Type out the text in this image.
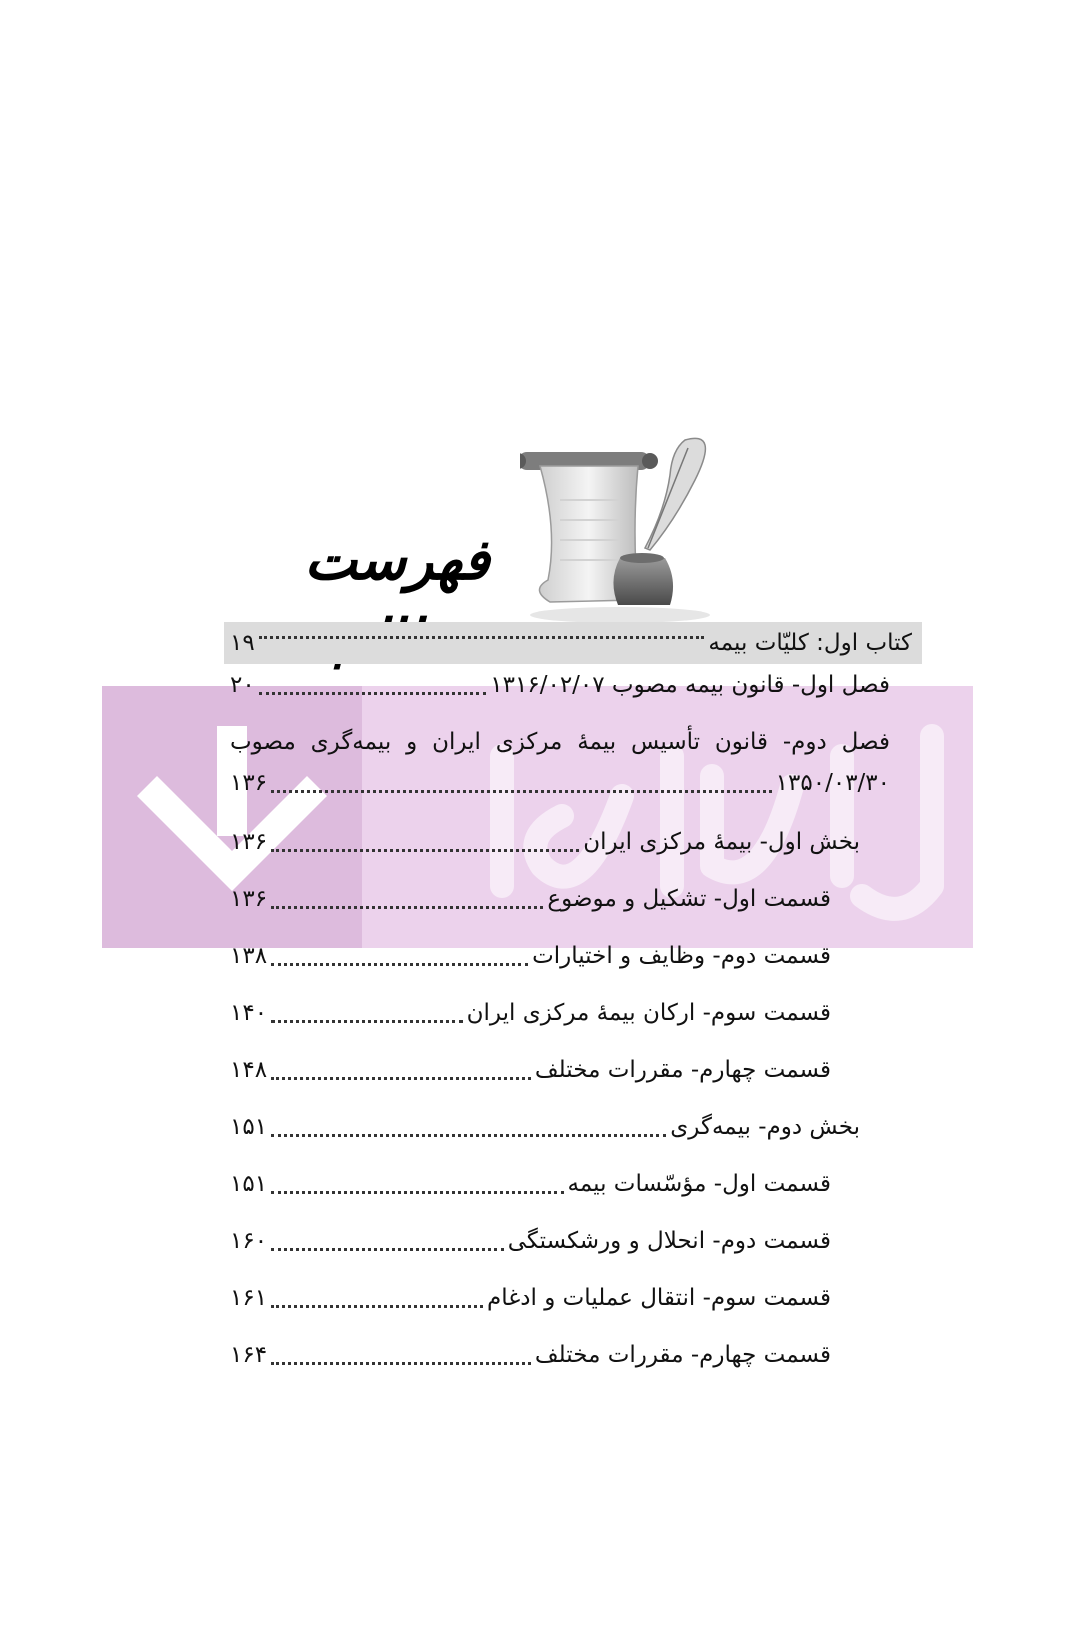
فهرست
کتاب اول: کلیّات بیمه
۱۹
فصل اول- قانون بیمه مصوب ۱۳۱۶/۰۲/۰۷
۲۰
فصل دوم- قانون تأسیس بیمهٔ مرکزی ایران و بیمه‌گری مصوب
۱۳۵۰/۰۳/۳۰
۱۳۶
بخش اول- بیمهٔ مرکزی ایران
۱۳۶
قسمت اول- تشکیل و موضوع
۱۳۶
قسمت دوم- وظایف و اختیارات
۱۳۸
قسمت سوم- ارکان بیمهٔ مرکزی ایران
۱۴۰
قسمت چهارم- مقررات مختلف
۱۴۸
بخش دوم- بیمه‌گری
۱۵۱
قسمت اول- مؤسّسات بیمه
۱۵۱
قسمت دوم- انحلال و ورشکستگی
۱۶۰
قسمت سوم- انتقال عملیات و ادغام
۱۶۱
قسمت چهارم- مقررات مختلف
۱۶۴
